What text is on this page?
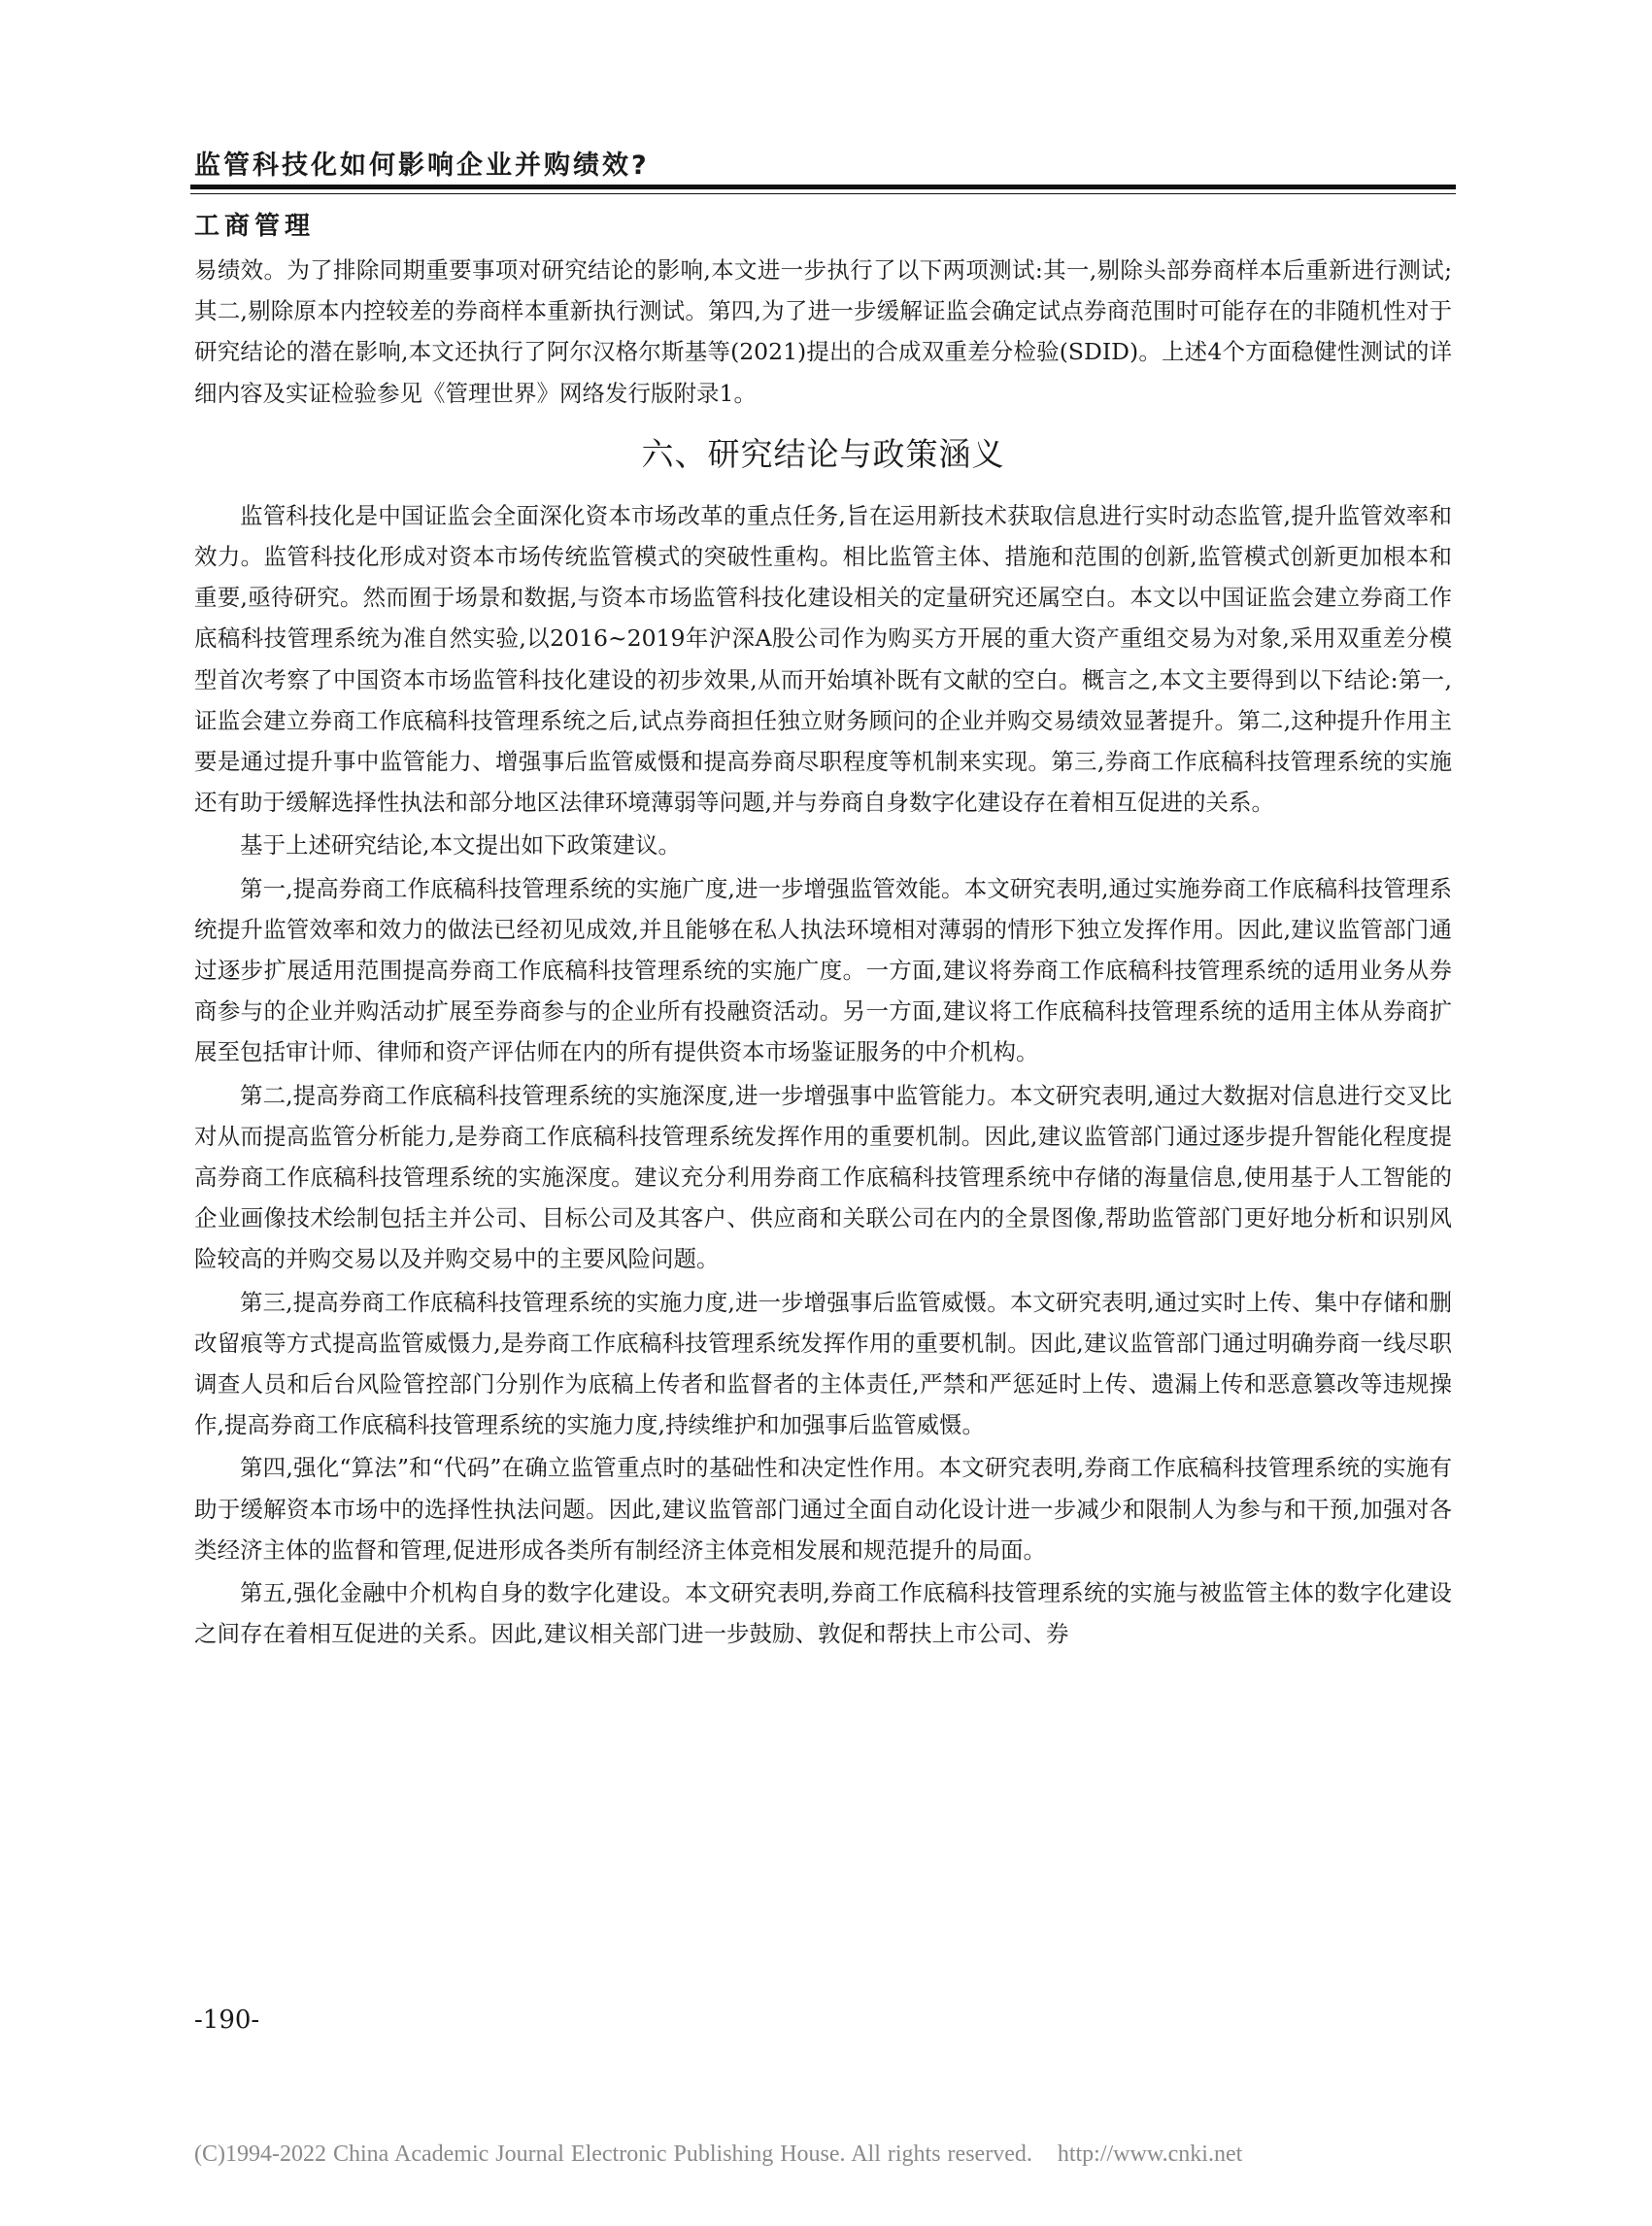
监管科技化如何影响企业并购绩效?
工商管理

易绩效。为了排除同期重要事项对研究结论的影响,本文进一步执行了以下两项测试:其一,剔除头部券商样本后重新进行测试;其二,剔除原本内控较差的券商样本重新执行测试。第四,为了进一步缓解证监会确定试点券商范围时可能存在的非随机性对于研究结论的潜在影响,本文还执行了阿尔汉格尔斯基等(2021)提出的合成双重差分检验(SDID)。上述4个方面稳健性测试的详细内容及实证检验参见《管理世界》网络发行版附录1。

六、研究结论与政策涵义

监管科技化是中国证监会全面深化资本市场改革的重点任务,旨在运用新技术获取信息进行实时动态监管,提升监管效率和效力。监管科技化形成对资本市场传统监管模式的突破性重构。相比监管主体、措施和范围的创新,监管模式创新更加根本和重要,亟待研究。然而囿于场景和数据,与资本市场监管科技化建设相关的定量研究还属空白。本文以中国证监会建立券商工作底稿科技管理系统为准自然实验,以2016~2019年沪深A股公司作为购买方开展的重大资产重组交易为对象,采用双重差分模型首次考察了中国资本市场监管科技化建设的初步效果,从而开始填补既有文献的空白。概言之,本文主要得到以下结论:第一,证监会建立券商工作底稿科技管理系统之后,试点券商担任独立财务顾问的企业并购交易绩效显著提升。第二,这种提升作用主要是通过提升事中监管能力、增强事后监管威慑和提高券商尽职程度等机制来实现。第三,券商工作底稿科技管理系统的实施还有助于缓解选择性执法和部分地区法律环境薄弱等问题,并与券商自身数字化建设存在着相互促进的关系。

基于上述研究结论,本文提出如下政策建议。

第一,提高券商工作底稿科技管理系统的实施广度,进一步增强监管效能。本文研究表明,通过实施券商工作底稿科技管理系统提升监管效率和效力的做法已经初见成效,并且能够在私人执法环境相对薄弱的情形下独立发挥作用。因此,建议监管部门通过逐步扩展适用范围提高券商工作底稿科技管理系统的实施广度。一方面,建议将券商工作底稿科技管理系统的适用业务从券商参与的企业并购活动扩展至券商参与的企业所有投融资活动。另一方面,建议将工作底稿科技管理系统的适用主体从券商扩展至包括审计师、律师和资产评估师在内的所有提供资本市场鉴证服务的中介机构。

第二,提高券商工作底稿科技管理系统的实施深度,进一步增强事中监管能力。本文研究表明,通过大数据对信息进行交叉比对从而提高监管分析能力,是券商工作底稿科技管理系统发挥作用的重要机制。因此,建议监管部门通过逐步提升智能化程度提高券商工作底稿科技管理系统的实施深度。建议充分利用券商工作底稿科技管理系统中存储的海量信息,使用基于人工智能的企业画像技术绘制包括主并公司、目标公司及其客户、供应商和关联公司在内的全景图像,帮助监管部门更好地分析和识别风险较高的并购交易以及并购交易中的主要风险问题。

第三,提高券商工作底稿科技管理系统的实施力度,进一步增强事后监管威慑。本文研究表明,通过实时上传、集中存储和删改留痕等方式提高监管威慑力,是券商工作底稿科技管理系统发挥作用的重要机制。因此,建议监管部门通过明确券商一线尽职调查人员和后台风险管控部门分别作为底稿上传者和监督者的主体责任,严禁和严惩延时上传、遗漏上传和恶意篡改等违规操作,提高券商工作底稿科技管理系统的实施力度,持续维护和加强事后监管威慑。

第四,强化“算法”和“代码”在确立监管重点时的基础性和决定性作用。本文研究表明,券商工作底稿科技管理系统的实施有助于缓解资本市场中的选择性执法问题。因此,建议监管部门通过全面自动化设计进一步减少和限制人为参与和干预,加强对各类经济主体的监督和管理,促进形成各类所有制经济主体竞相发展和规范提升的局面。

第五,强化金融中介机构自身的数字化建设。本文研究表明,券商工作底稿科技管理系统的实施与被监管主体的数字化建设之间存在着相互促进的关系。因此,建议相关部门进一步鼓励、敦促和帮扶上市公司、券

-190-
(C)1994-2022 China Academic Journal Electronic Publishing House. All rights reserved. http://www.cnki.net
